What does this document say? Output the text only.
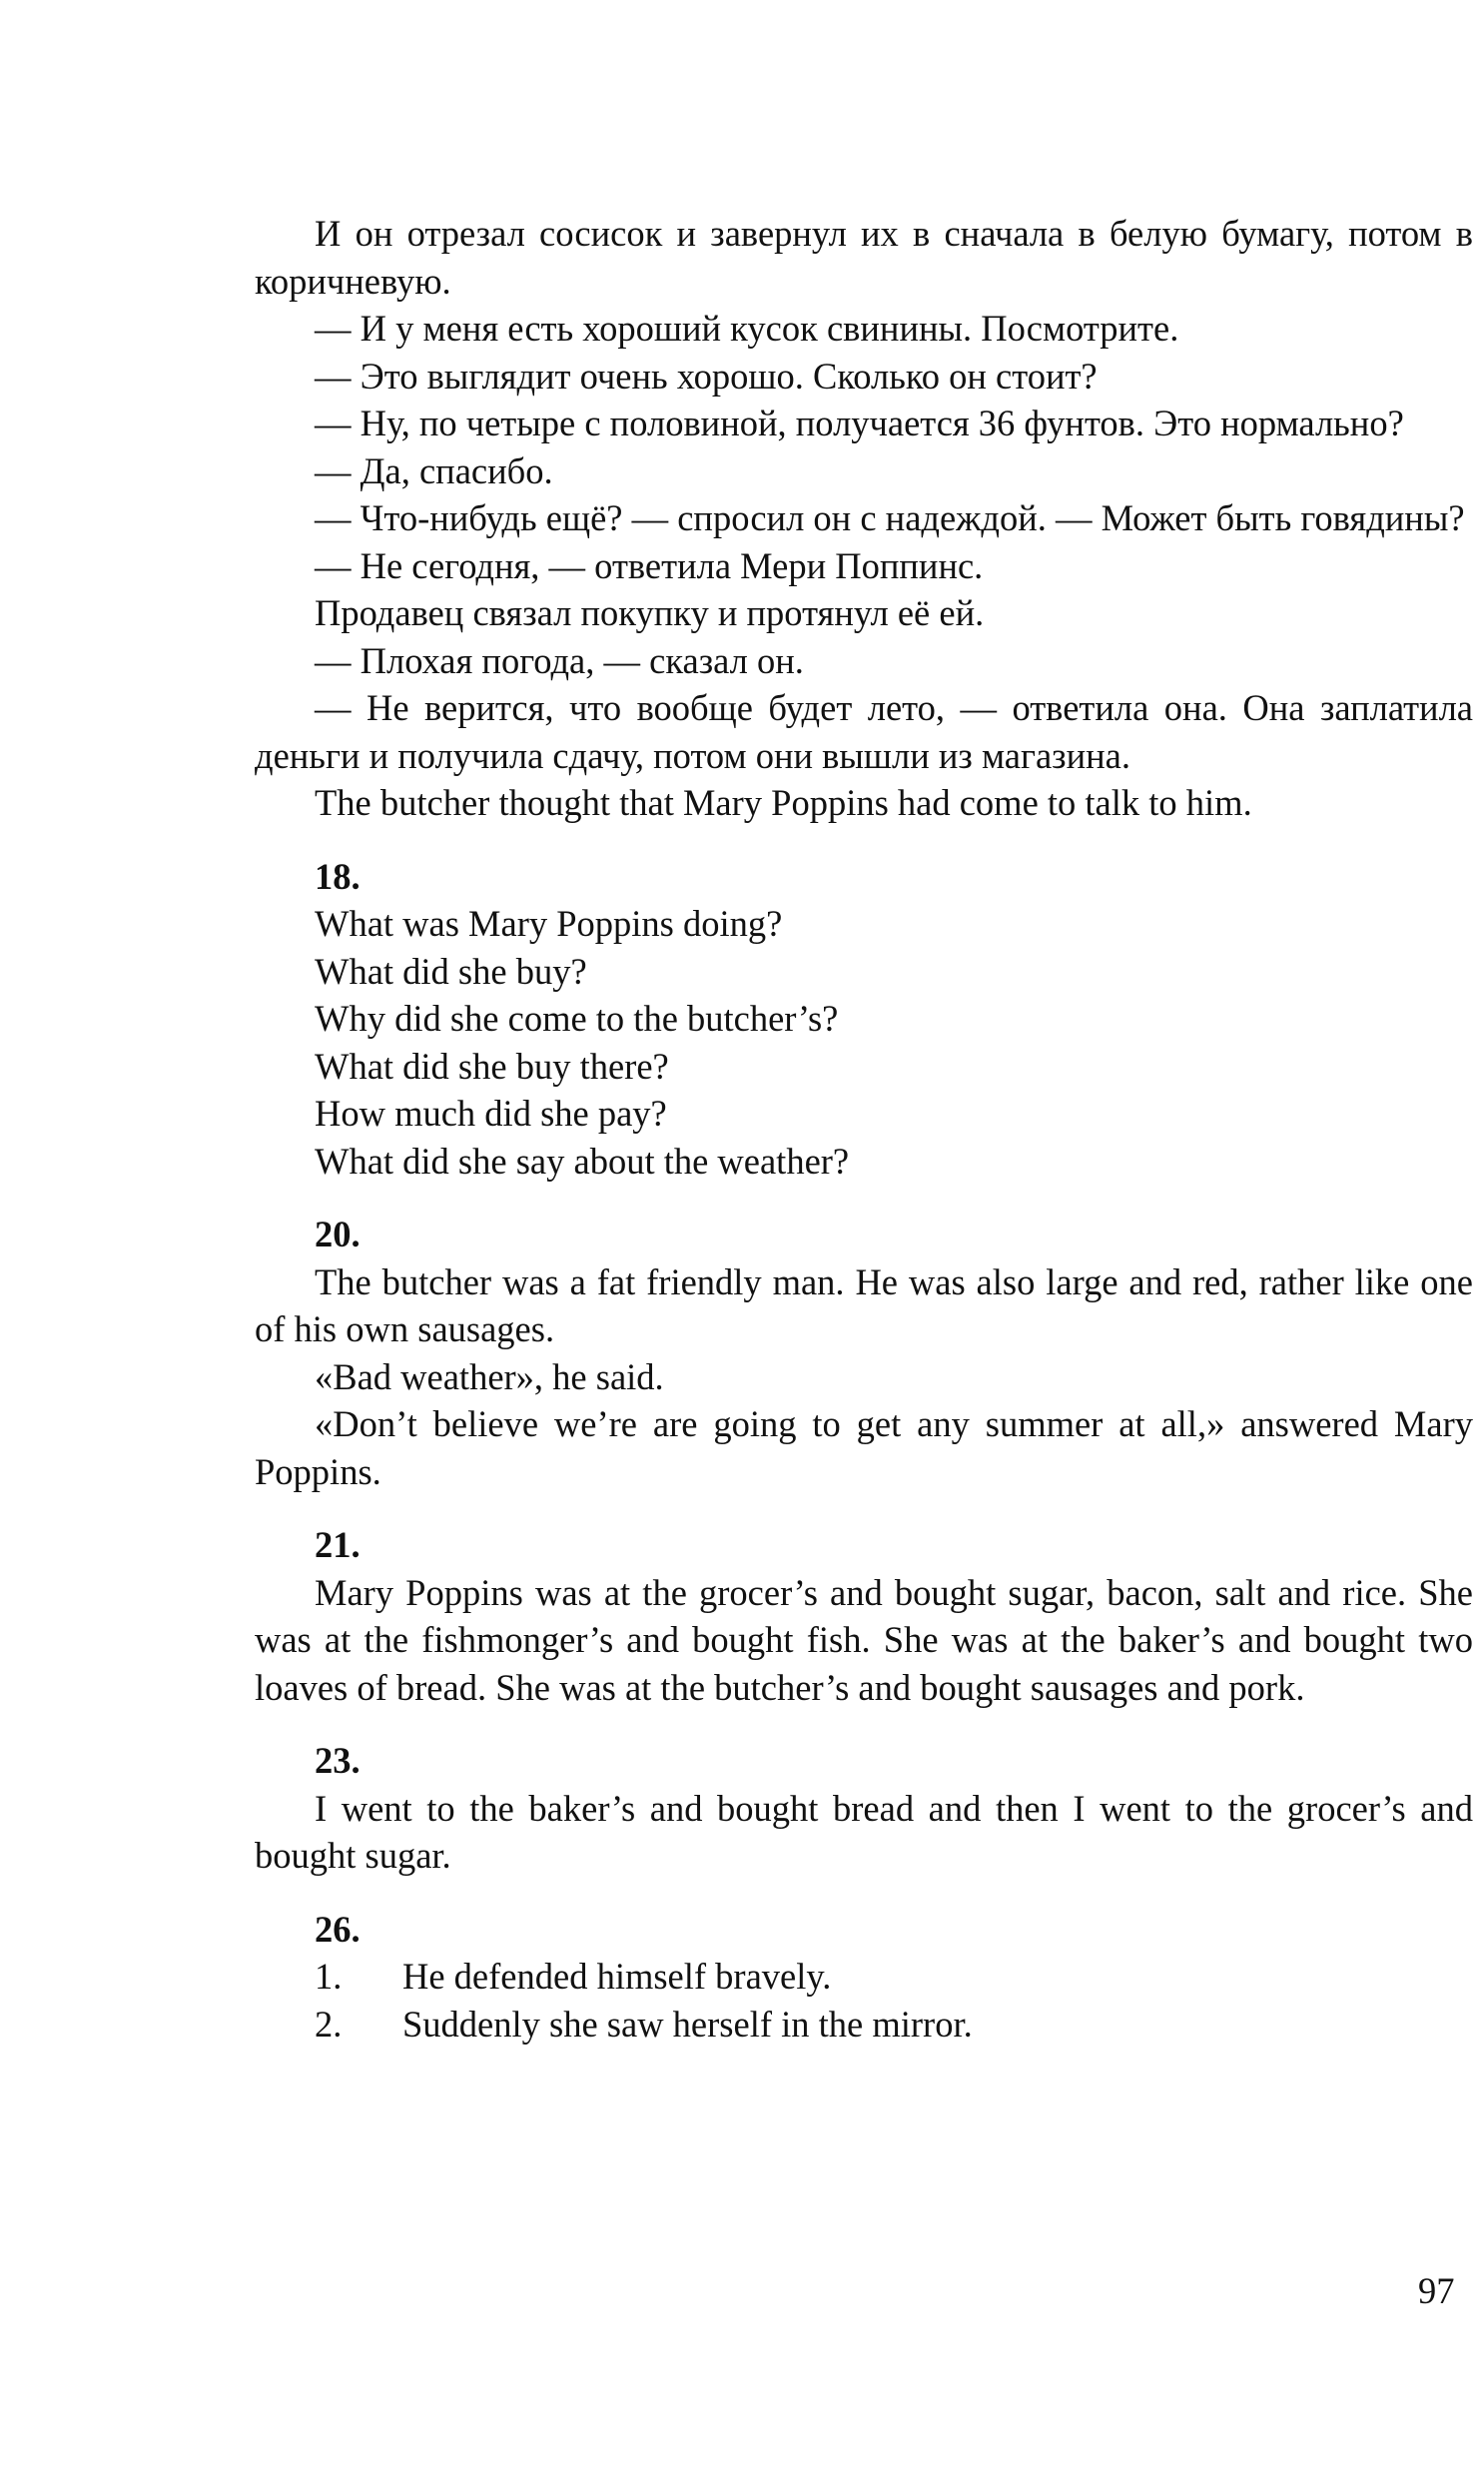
И он отрезал сосисок и завернул их в сначала в белую бумагу, потом в коричневую.

— И у меня есть хороший кусок свинины. Посмотрите.

— Это выглядит очень хорошо. Сколько он стоит?

— Ну, по четыре с половиной, получается 36 фунтов. Это нормально?

— Да, спасибо.

— Что-нибудь ещё? — спросил он с надеждой. — Может быть говядины?

— Не сегодня, — ответила Мери Поппинс.

Продавец связал покупку и протянул её ей.

— Плохая погода, — сказал он.

— Не верится, что вообще будет лето, — ответила она. Она заплатила деньги и получила сдачу, потом они вышли из магазина.

The butcher thought that Mary Poppins had come to talk to him.

18.

What was Mary Poppins doing?

What did she buy?

Why did she come to the butcher’s?

What did she buy there?

How much did she pay?

What did she say about the weather?

20.

The butcher was a fat friendly man. He was also large and red, rather like one of his own sausages.

«Bad weather», he said.

«Don’t believe we’re are going to get any summer at all,» answered Mary Poppins.

21.

Mary Poppins was at the grocer’s and bought sugar, bacon, salt and rice. She was at the fishmonger’s and bought fish. She was at the baker’s and bought two loaves of bread. She was at the butcher’s and bought sausages and pork.

23.

I went to the baker’s and bought bread and then I went to the grocer’s and bought sugar.

26.

1.	He defended himself bravely.

2.	Suddenly she saw herself in the mirror.

97
